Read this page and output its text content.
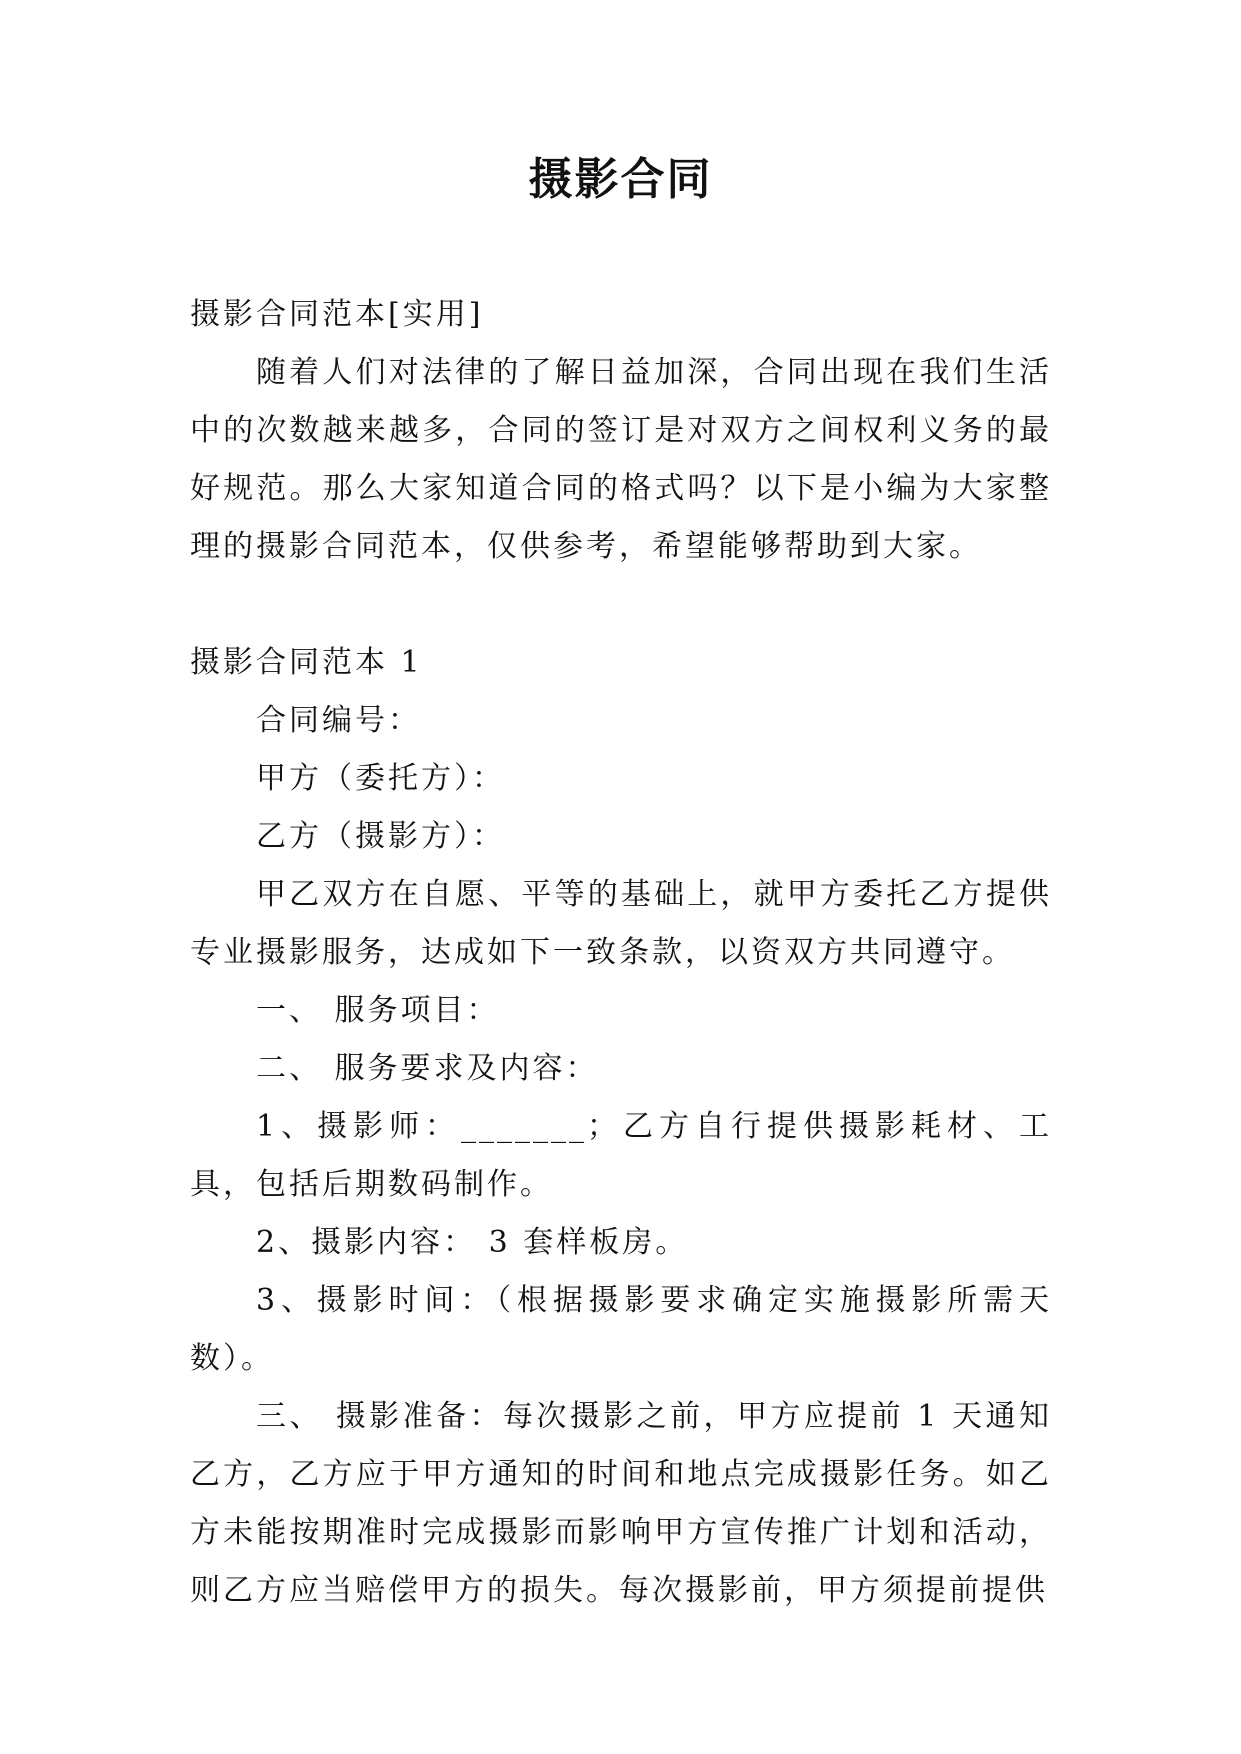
摄影合同

摄影合同范本[实用]

随着人们对法律的了解日益加深，合同出现在我们生活中的次数越来越多，合同的签订是对双方之间权利义务的最好规范。那么大家知道合同的格式吗？以下是小编为大家整理的摄影合同范本，仅供参考，希望能够帮助到大家。

摄影合同范本 1

合同编号：

甲方（委托方）：

乙方（摄影方）：

甲乙双方在自愿、平等的基础上，就甲方委托乙方提供专业摄影服务，达成如下一致条款，以资双方共同遵守。

一、 服务项目：

二、 服务要求及内容：

1、摄影师：_______；乙方自行提供摄影耗材、工具，包括后期数码制作。

2、摄影内容： 3 套样板房。

3、摄影时间：（根据摄影要求确定实施摄影所需天数）。

三、 摄影准备：每次摄影之前，甲方应提前 1 天通知乙方，乙方应于甲方通知的时间和地点完成摄影任务。如乙方未能按期准时完成摄影而影响甲方宣传推广计划和活动，则乙方应当赔偿甲方的损失。每次摄影前，甲方须提前提供
